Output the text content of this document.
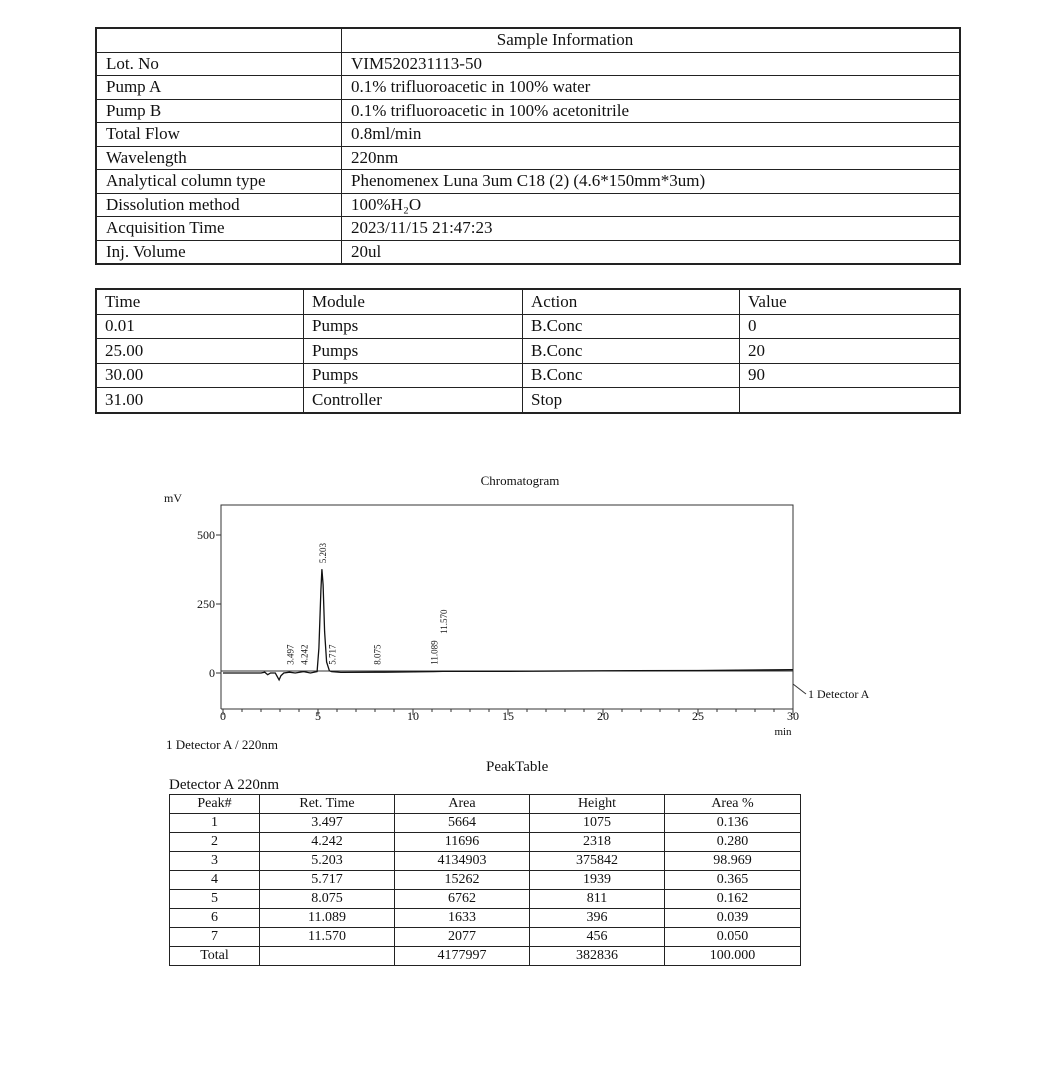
	Sample Information
Lot. No	VIM520231113-50
Pump A	0.1% trifluoroacetic in 100% water
Pump B	0.1% trifluoroacetic in 100% acetonitrile
Total Flow	0.8ml/min
Wavelength	220nm
Analytical column type	Phenomenex Luna 3um C18 (2) (4.6*150mm*3um)
Dissolution method	100%H₂O
Acquisition Time	2023/11/15 21:47:23
Inj. Volume	20ul
Time	Module	Action	Value
0.01	Pumps	B.Conc	0
25.00	Pumps	B.Conc	20
30.00	Pumps	B.Conc	90
31.00	Controller	Stop	
Chromatogram
mV
0	5	10	15	20	25	30
0
250
500
3.497 4.242
5.203
5.717	8.075	11.089
11.570
1 Detector A
min
1 Detector A / 220nm
PeakTable
Detector A 220nm
Peak#	Ret. Time	Area	Height	Area %
1	3.497	5664	1075	0.136
2	4.242	11696	2318	0.280
3	5.203	4134903	375842	98.969
4	5.717	15262	1939	0.365
5	8.075	6762	811	0.162
6	11.089	1633	396	0.039
7	11.570	2077	456	0.050
Total		4177997	382836	100.000
